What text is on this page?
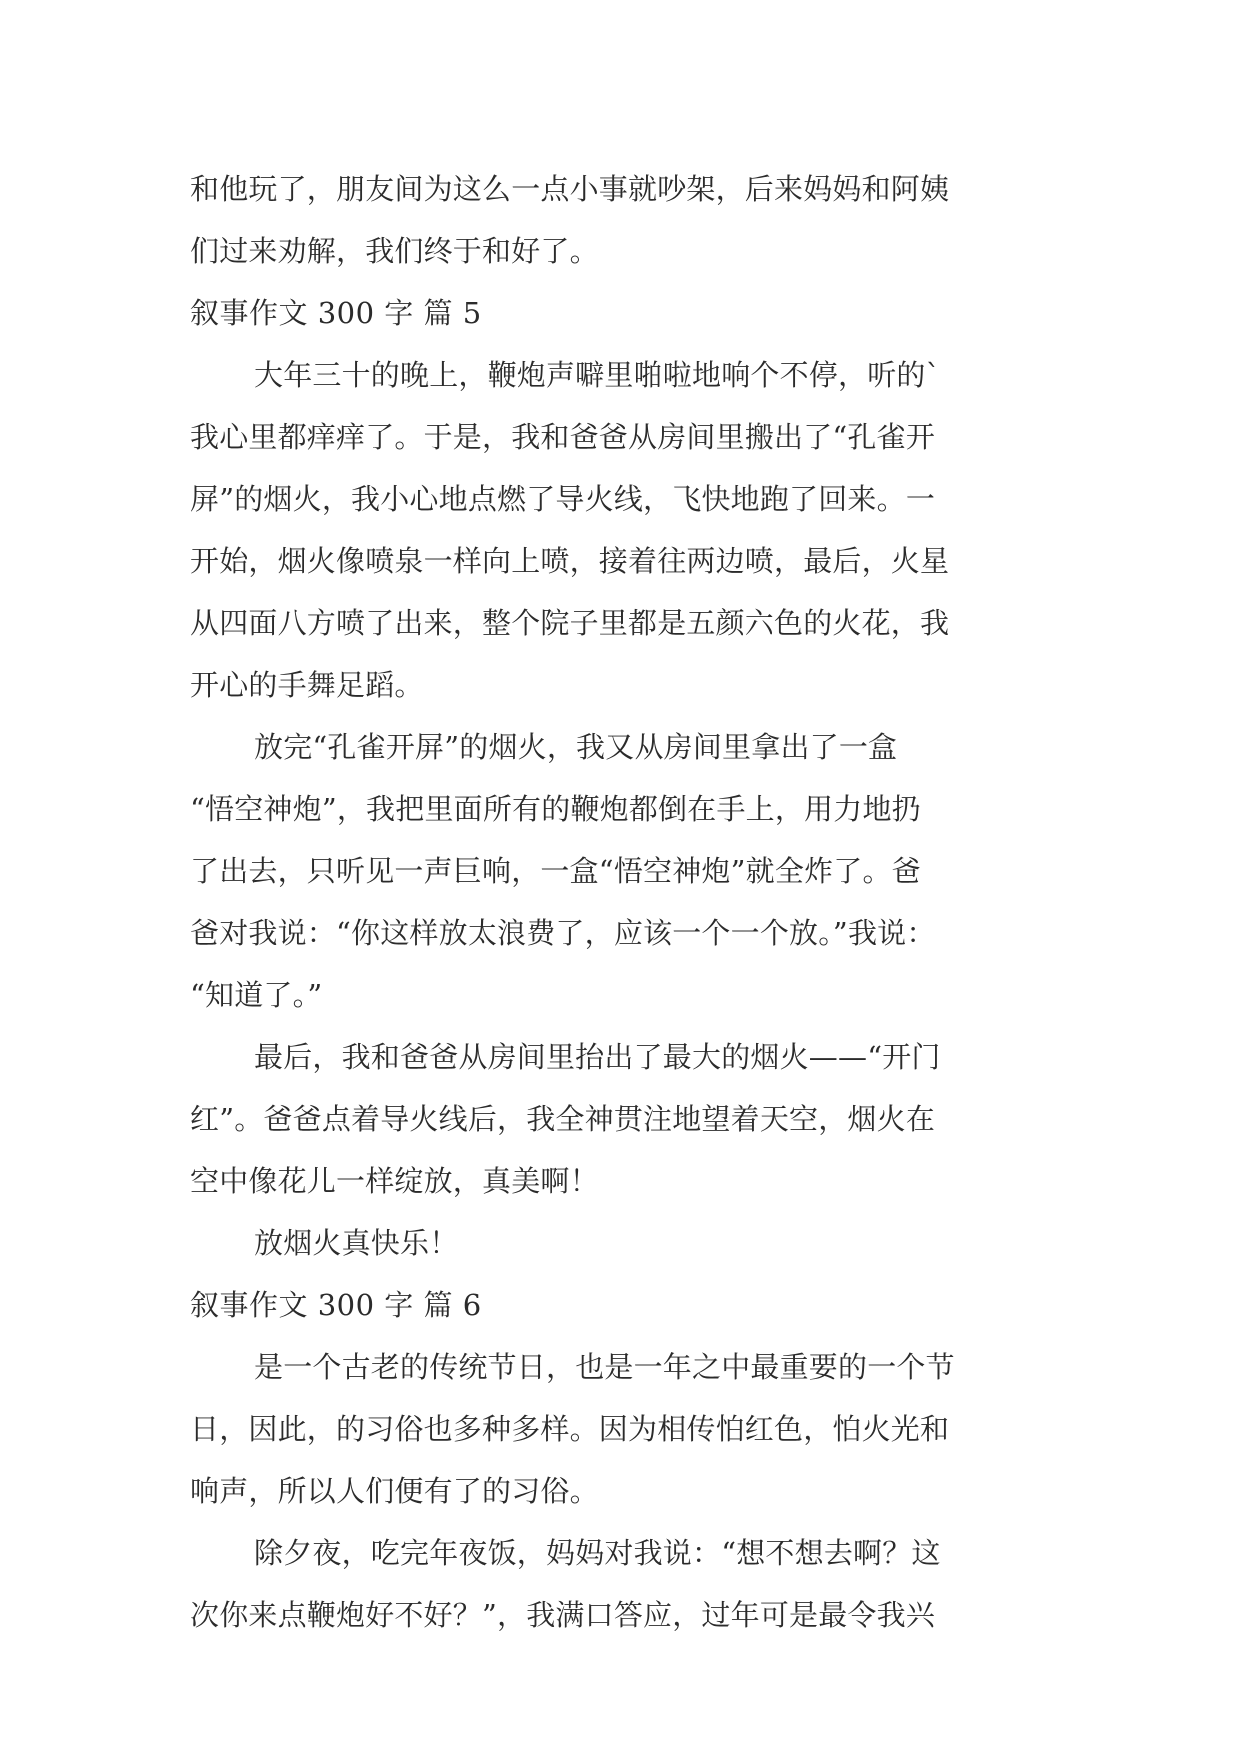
和他玩了，朋友间为这么一点小事就吵架，后来妈妈和阿姨
们过来劝解，我们终于和好了。
叙事作文 300 字 篇 5
大年三十的晚上，鞭炮声噼里啪啦地响个不停，听的`
我心里都痒痒了。于是，我和爸爸从房间里搬出了“孔雀开
屏”的烟火，我小心地点燃了导火线，飞快地跑了回来。一
开始，烟火像喷泉一样向上喷，接着往两边喷，最后，火星
从四面八方喷了出来，整个院子里都是五颜六色的火花，我
开心的手舞足蹈。
放完“孔雀开屏”的烟火，我又从房间里拿出了一盒
“悟空神炮”，我把里面所有的鞭炮都倒在手上，用力地扔
了出去，只听见一声巨响，一盒“悟空神炮”就全炸了。爸
爸对我说：“你这样放太浪费了，应该一个一个放。”我说：
“知道了。”
最后，我和爸爸从房间里抬出了最大的烟火——“开门
红”。爸爸点着导火线后，我全神贯注地望着天空，烟火在
空中像花儿一样绽放，真美啊！
放烟火真快乐！
叙事作文 300 字 篇 6
是一个古老的传统节日，也是一年之中最重要的一个节
日，因此，的习俗也多种多样。因为相传怕红色，怕火光和
响声，所以人们便有了的习俗。
除夕夜，吃完年夜饭，妈妈对我说：“想不想去啊？这
次你来点鞭炮好不好？”，我满口答应，过年可是最令我兴
